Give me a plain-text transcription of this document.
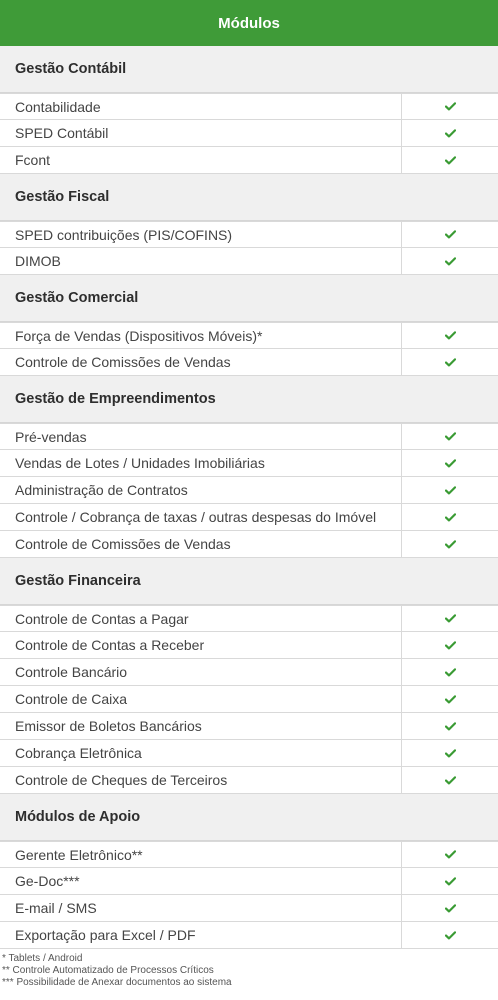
Módulos
Gestão Contábil
Contabilidade
SPED Contábil
Fcont
Gestão Fiscal
SPED contribuições (PIS/COFINS)
DIMOB
Gestão Comercial
Força de Vendas (Dispositivos Móveis)*
Controle de Comissões de Vendas
Gestão de Empreendimentos
Pré-vendas
Vendas de Lotes / Unidades Imobiliárias
Administração de Contratos
Controle / Cobrança de taxas / outras despesas do Imóvel
Controle de Comissões de Vendas
Gestão Financeira
Controle de Contas a Pagar
Controle de Contas a Receber
Controle Bancário
Controle de Caixa
Emissor de Boletos Bancários
Cobrança Eletrônica
Controle de Cheques de Terceiros
Módulos de Apoio
Gerente Eletrônico**
Ge-Doc***
E-mail / SMS
Exportação para Excel / PDF
* Tablets / Android
** Controle Automatizado de Processos Críticos
*** Possibilidade de Anexar documentos ao sistema
